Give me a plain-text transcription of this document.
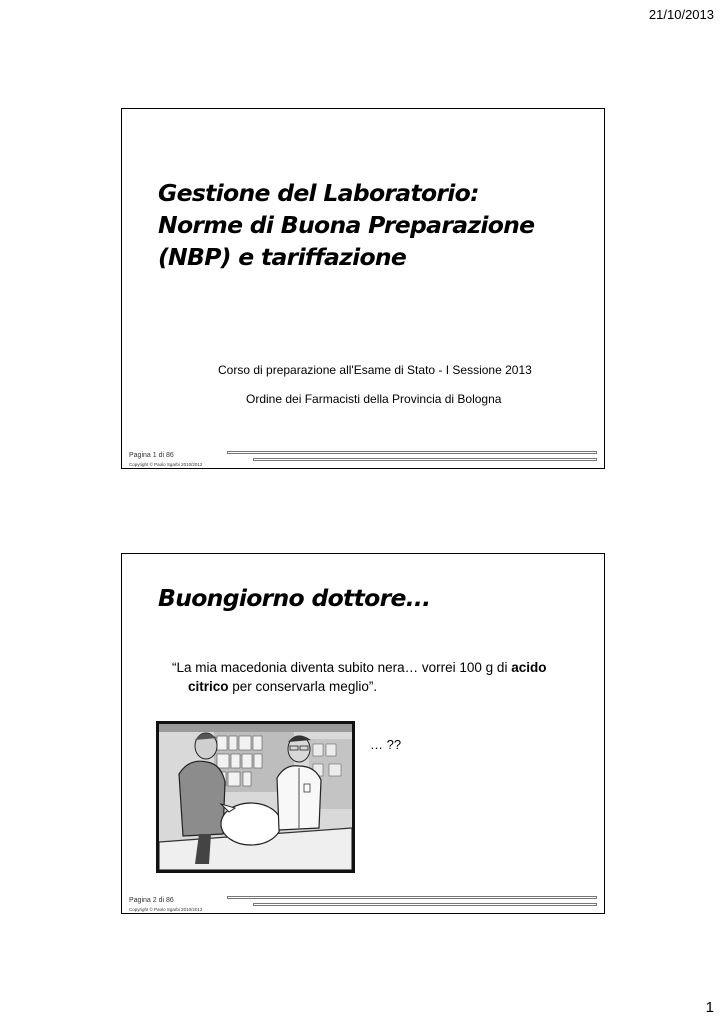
21/10/2013
Gestione del Laboratorio:
Norme di Buona Preparazione
(NBP) e tariffazione
Corso di preparazione all'Esame di Stato - I Sessione 2013
Ordine dei Farmacisti della Provincia di Bologna
Pagina 1 di 86
Copyright © Paolo Sgarbi 2010/2012
Buongiorno dottore...
“La mia macedonia diventa subito nera… vorrei 100 g di acido
citrico per conservarla meglio”.
… ??
Pagina 2 di 86
Copyright © Paolo Sgarbi 2010/2012
1
